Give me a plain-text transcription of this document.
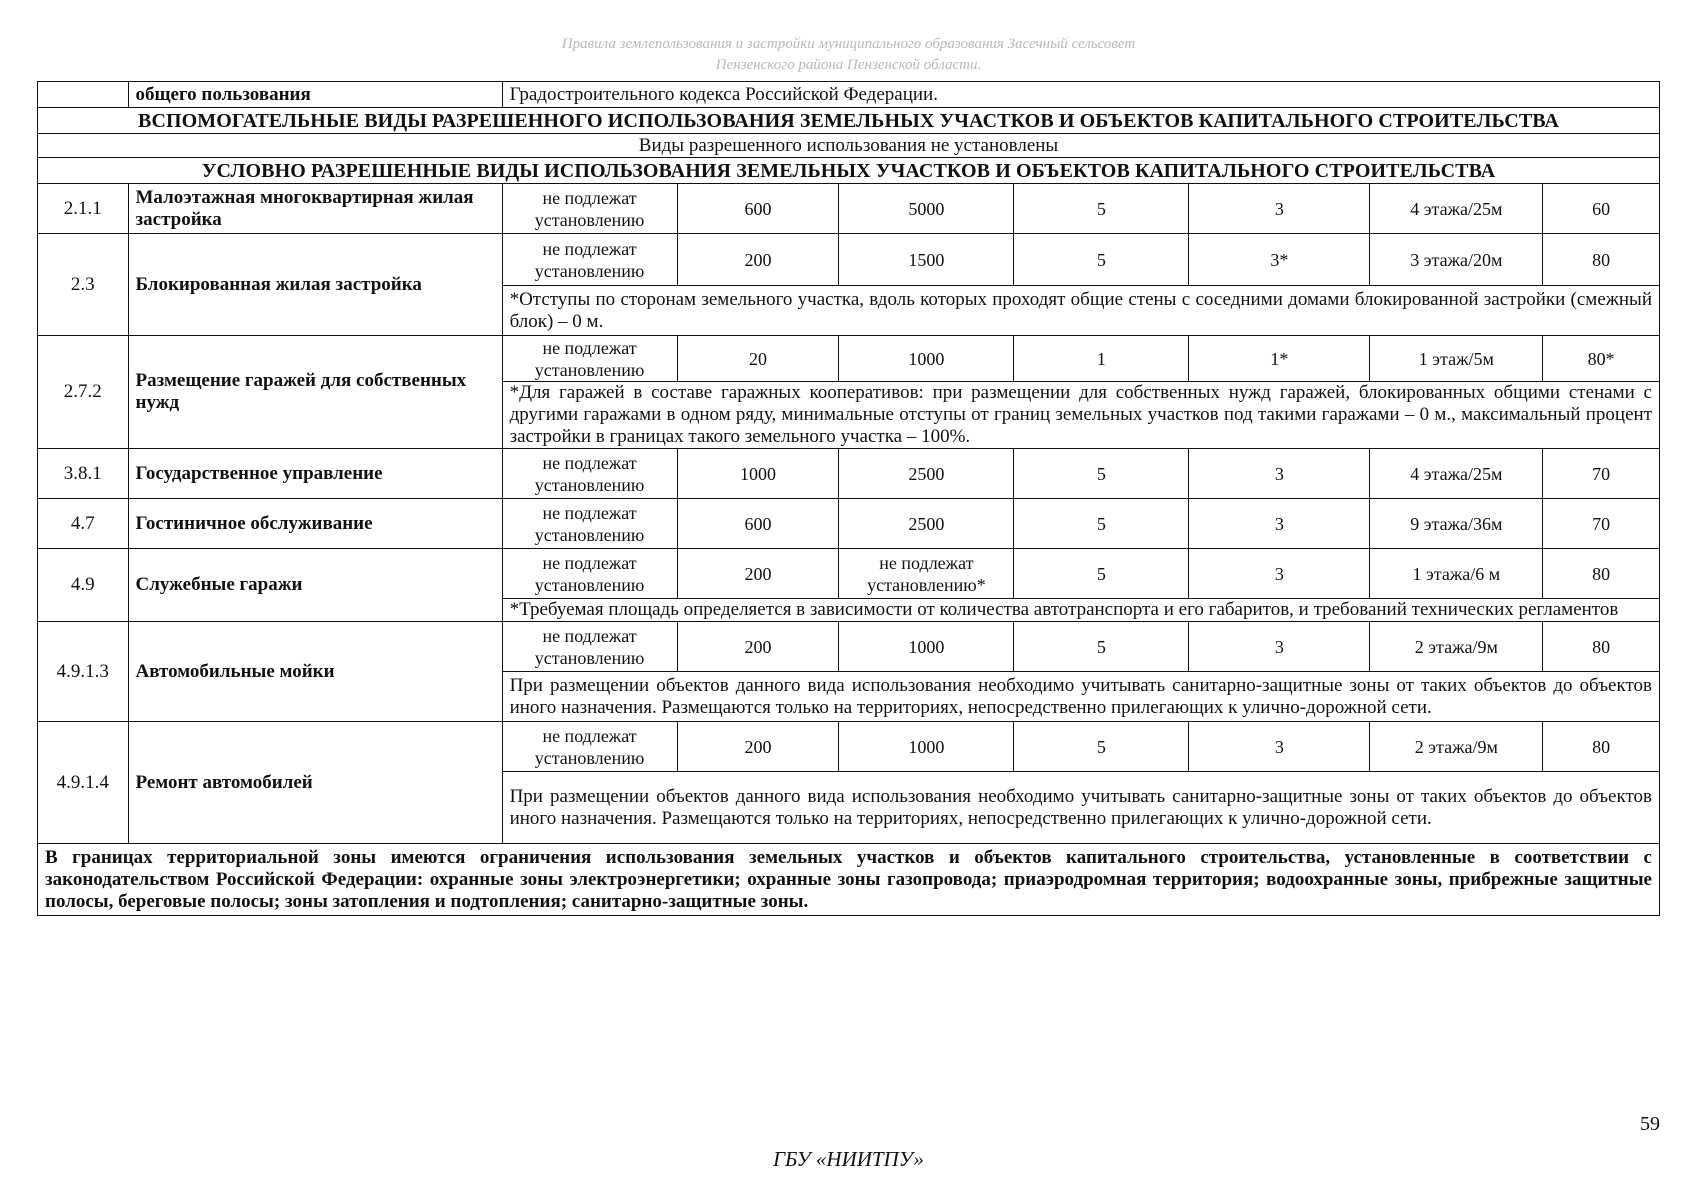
Правила землепользования и застройки муниципального образования Засечный сельсовет
Пензенского района Пензенской области.
	общего пользования	Градостроительного кодекса Российской Федерации.						
ВСПОМОГАТЕЛЬНЫЕ ВИДЫ РАЗРЕШЕННОГО ИСПОЛЬЗОВАНИЯ ЗЕМЕЛЬНЫХ УЧАСТКОВ И ОБЪЕКТОВ КАПИТАЛЬНОГО СТРОИТЕЛЬСТВА								
Виды разрешенного использования не установлены								
УСЛОВНО РАЗРЕШЕННЫЕ ВИДЫ ИСПОЛЬЗОВАНИЯ ЗЕМЕЛЬНЫХ УЧАСТКОВ И ОБЪЕКТОВ КАПИТАЛЬНОГО СТРОИТЕЛЬСТВА								
2.1.1	Малоэтажная многоквартирная жилая застройка	не подлежат установлению	600	5000	5	3	4 этажа/25м	60
2.3	Блокированная жилая застройка	не подлежат установлению	200	1500	5	3*	3 этажа/20м	80
		*Отступы по сторонам земельного участка, вдоль которых проходят общие стены с соседними домами блокированной застройки (смежный блок) – 0 м.						
2.7.2	Размещение гаражей для собственных нужд	не подлежат установлению	20	1000	1	1*	1 этаж/5м	80*
		*Для гаражей в составе гаражных кооперативов: при размещении для собственных нужд гаражей, блокированных общими стенами с другими гаражами в одном ряду, минимальные отступы от границ земельных участков под такими гаражами – 0 м., максимальный процент застройки в границах такого земельного участка – 100%.						
3.8.1	Государственное управление	не подлежат установлению	1000	2500	5	3	4 этажа/25м	70
4.7	Гостиничное обслуживание	не подлежат установлению	600	2500	5	3	9 этажа/36м	70
4.9	Служебные гаражи	не подлежат установлению	200	не подлежат установлению*	5	3	1 этажа/6 м	80
		*Требуемая площадь определяется в зависимости от количества автотранспорта и его габаритов, и требований технических регламентов						
4.9.1.3	Автомобильные мойки	не подлежат установлению	200	1000	5	3	2 этажа/9м	80
		При размещении объектов данного вида использования необходимо учитывать санитарно-защитные зоны от таких объектов до объектов иного назначения. Размещаются только на территориях, непосредственно прилегающих к улично-дорожной сети.						
4.9.1.4	Ремонт автомобилей	не подлежат установлению	200	1000	5	3	2 этажа/9м	80
		При размещении объектов данного вида использования необходимо учитывать санитарно-защитные зоны от таких объектов до объектов иного назначения. Размещаются только на территориях, непосредственно прилегающих к улично-дорожной сети.						
В границах территориальной зоны имеются ограничения использования земельных участков и объектов капитального строительства, установленные в соответствии с законодательством Российской Федерации: охранные зоны электроэнергетики; охранные зоны газопровода; приаэродромная территория; водоохранные зоны, прибрежные защитные полосы, береговые полосы; зоны затопления и подтопления; санитарно-защитные зоны.								
59
ГБУ «НИИТПУ»
